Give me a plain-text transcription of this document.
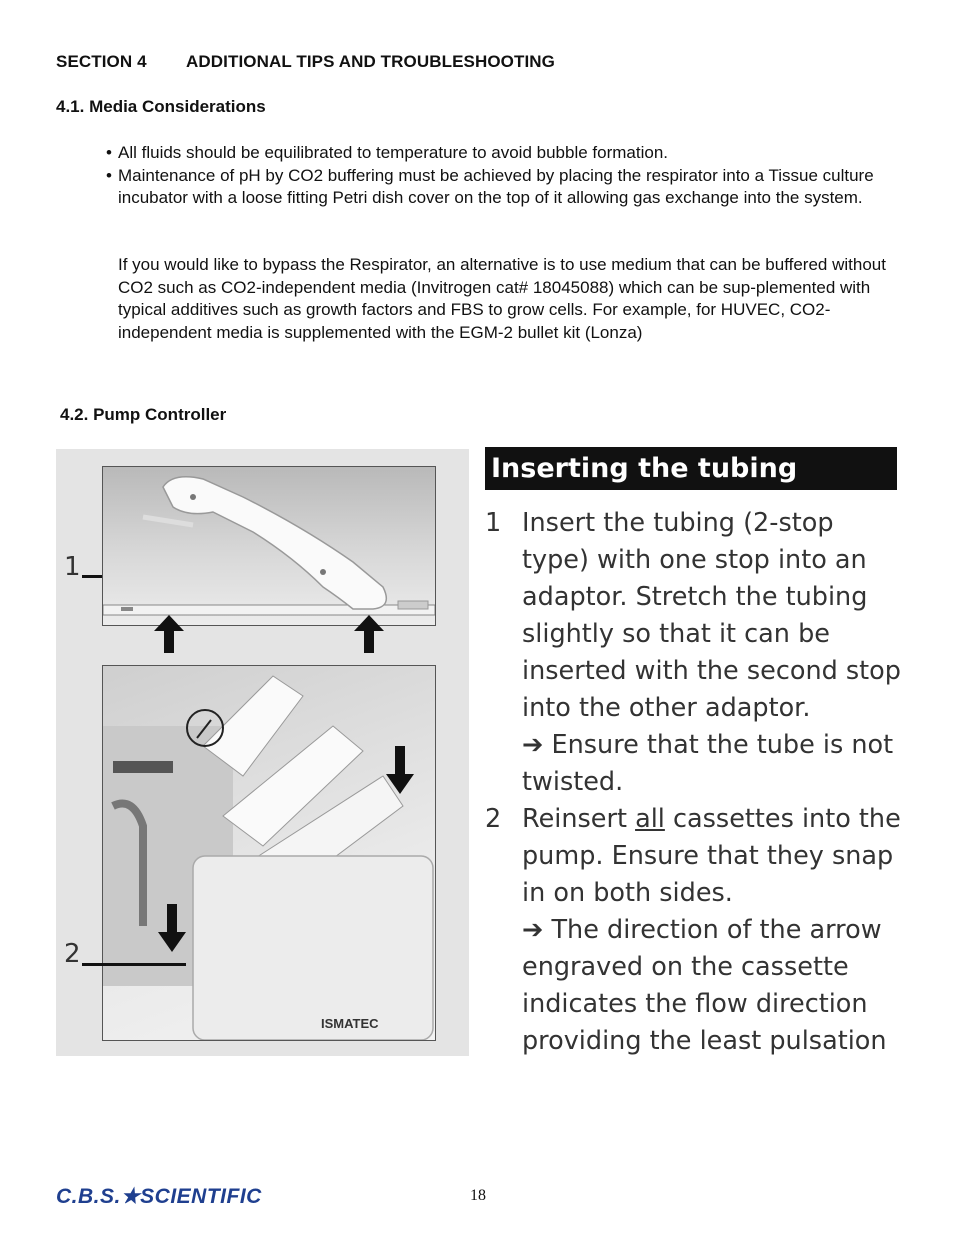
SECTION 4 ADDITIONAL TIPS AND TROUBLESHOOTING
4.1. Media Considerations
• All fluids should be equilibrated to temperature to avoid bubble formation.
• Maintenance of pH by CO2 buffering must be achieved by placing the respirator into a Tissue culture incubator with a loose fitting Petri dish cover on the top of it allowing gas exchange into the system.
If you would like to bypass the Respirator, an alternative is to use medium that can be buffered without CO2 such as CO2-independent media (Invitrogen cat# 18045088) which can be sup-plemented with typical additives such as growth factors and FBS to grow cells. For example, for HUVEC, CO2-independent media is supplemented with the EGM-2 bullet kit (Lonza)
4.2. Pump Controller
ISMATEC
1
2
Inserting the tubing
1 Insert the tubing (2-stop type) with one stop into an adaptor. Stretch the tubing slightly so that it can be inserted with the second stop into the other adaptor.
➔ Ensure that the tube is not twisted.
2 Reinsert all cassettes into the pump. Ensure that they snap in on both sides.
➔ The direction of the arrow engraved on the cassette indicates the flow direction providing the least pulsation
C.B.S.★SCIENTIFIC	18
